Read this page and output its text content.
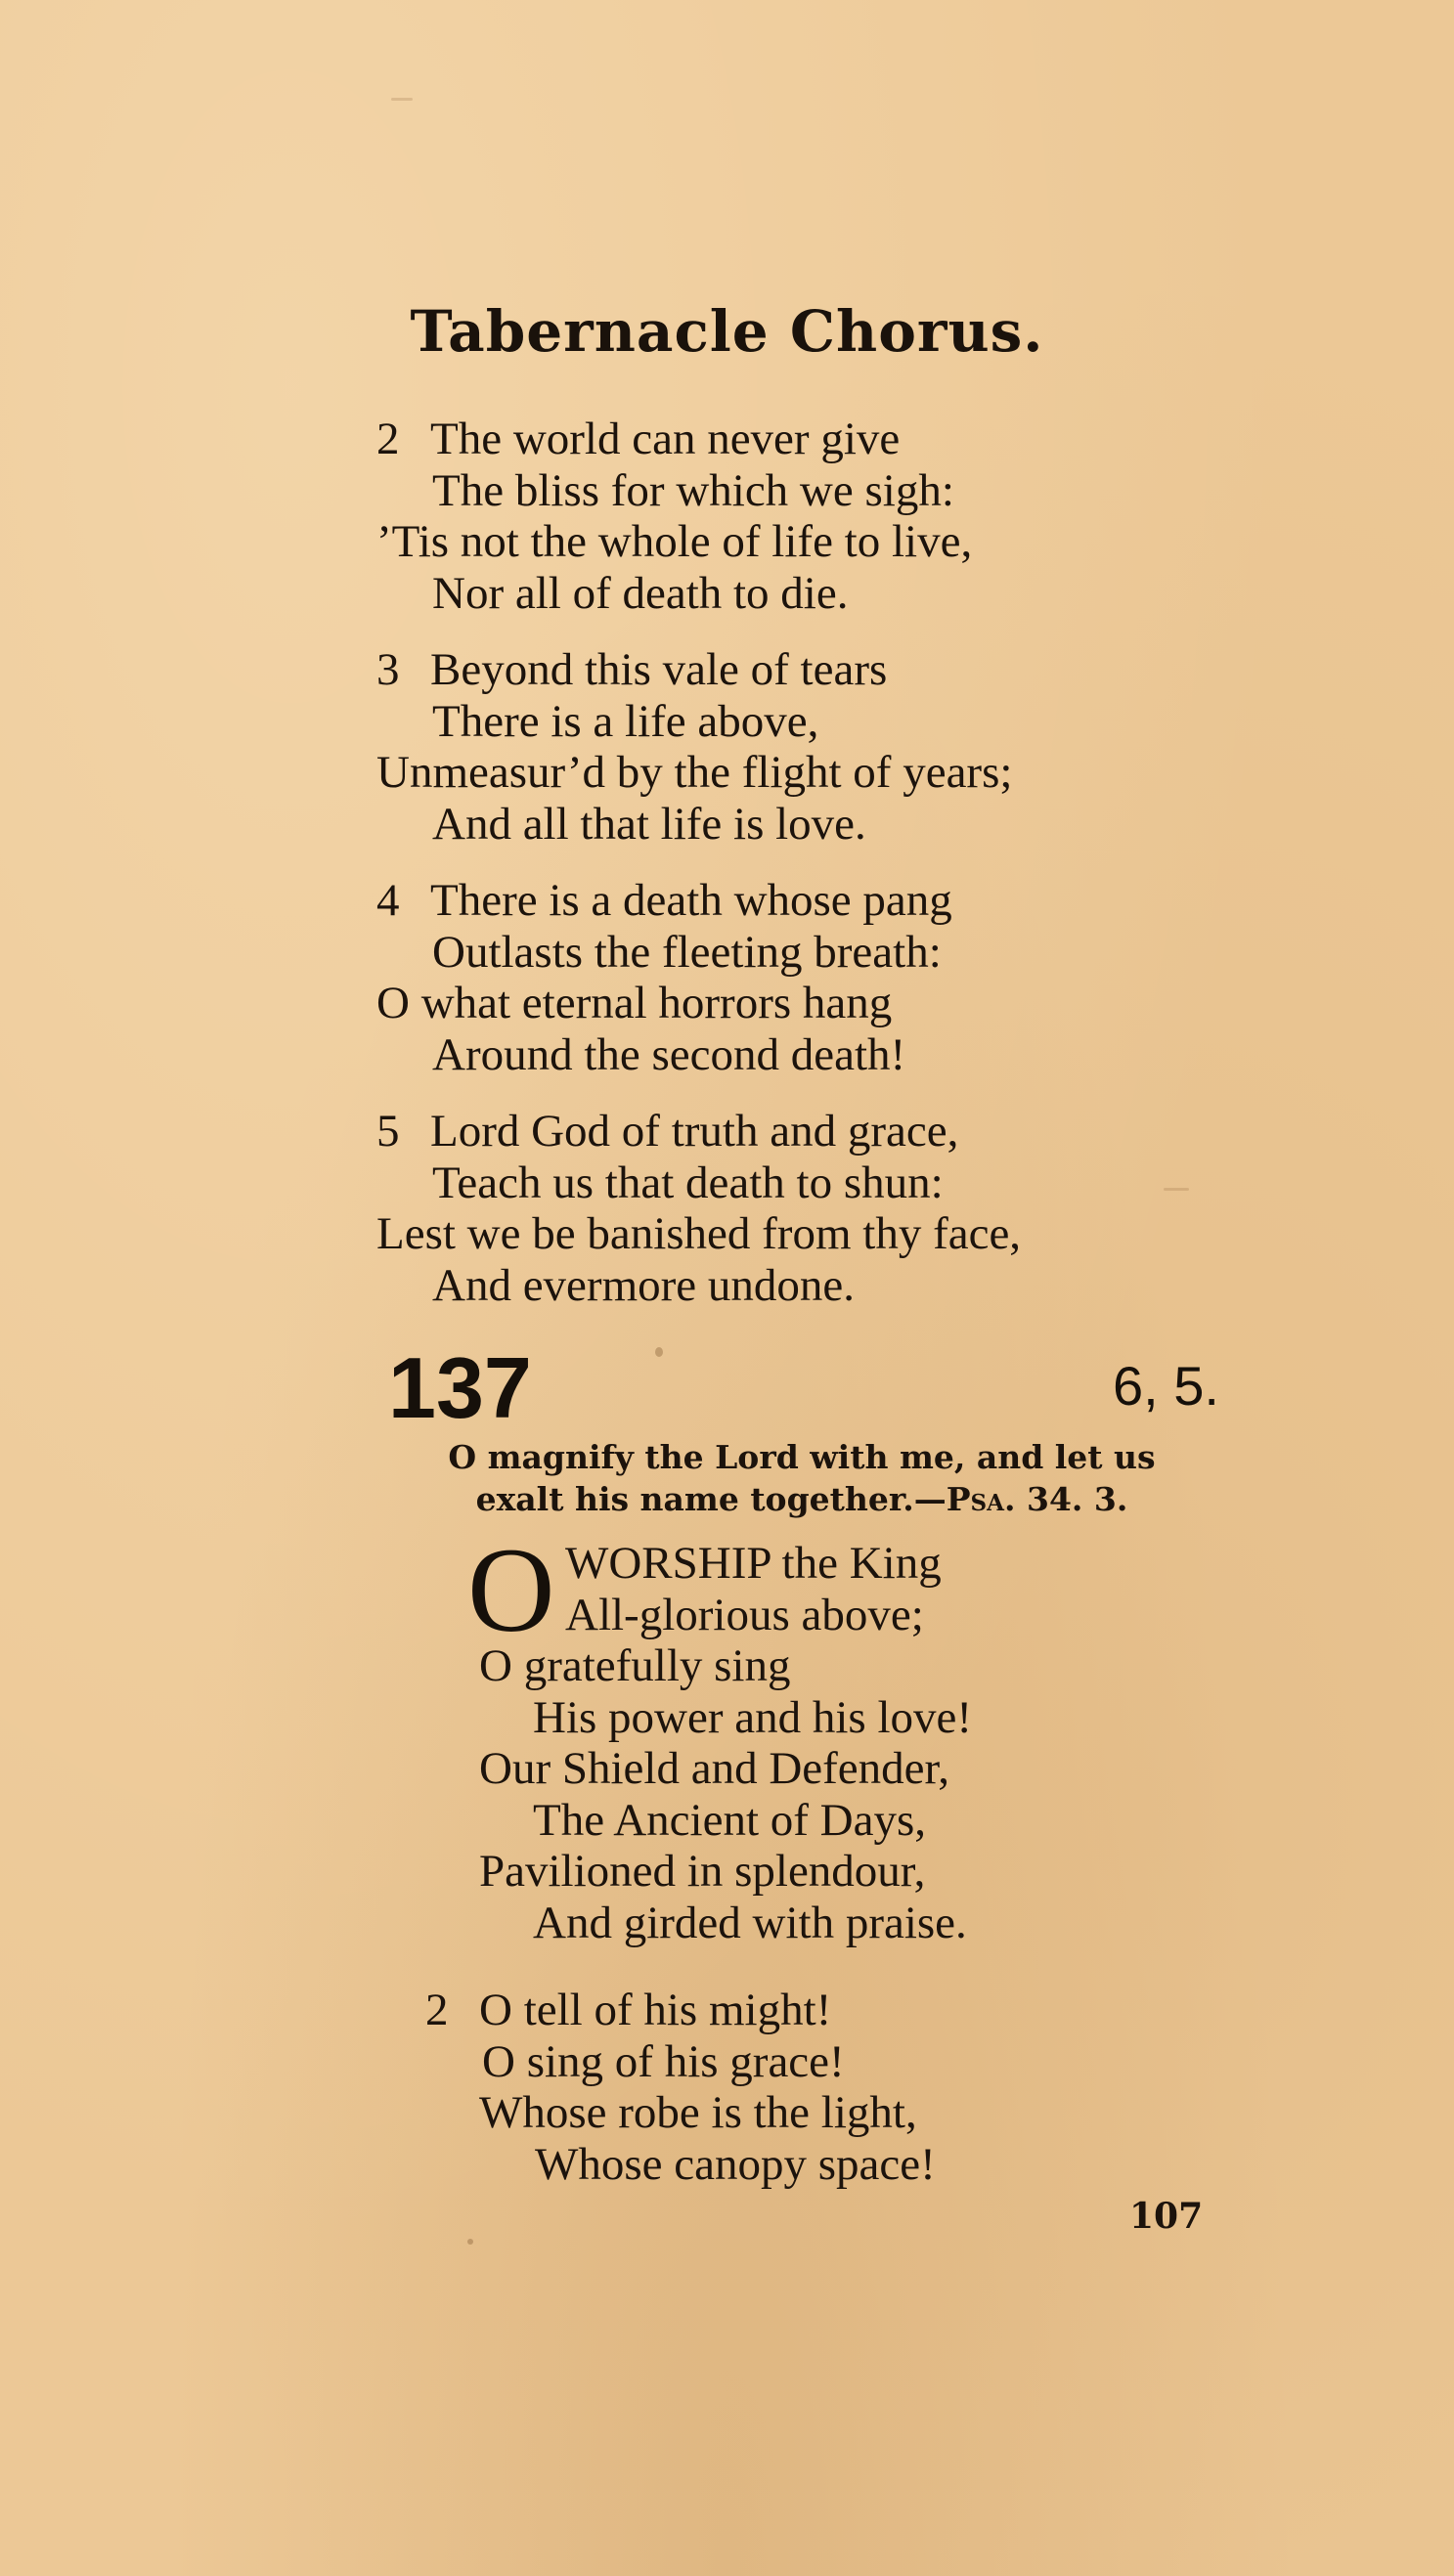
Tabernacle Chorus.
2 The world can never give
The bliss for which we sigh:
’Tis not the whole of life to live,
Nor all of death to die.
3 Beyond this vale of tears
There is a life above,
Unmeasur’d by the flight of years;
And all that life is love.
4 There is a death whose pang
Outlasts the fleeting breath:
O what eternal horrors hang
Around the second death!
5 Lord God of truth and grace,
Teach us that death to shun:
Lest we be banished from thy face,
And evermore undone.
137	6, 5.
O magnify the Lord with me, and let us
exalt his name together.—Psa. 34. 3.
O WORSHIP the King
All-glorious above;
O gratefully sing
His power and his love!
Our Shield and Defender,
The Ancient of Days,
Pavilioned in splendour,
And girded with praise.
2 O tell of his might!
O sing of his grace!
Whose robe is the light,
Whose canopy space!
107
